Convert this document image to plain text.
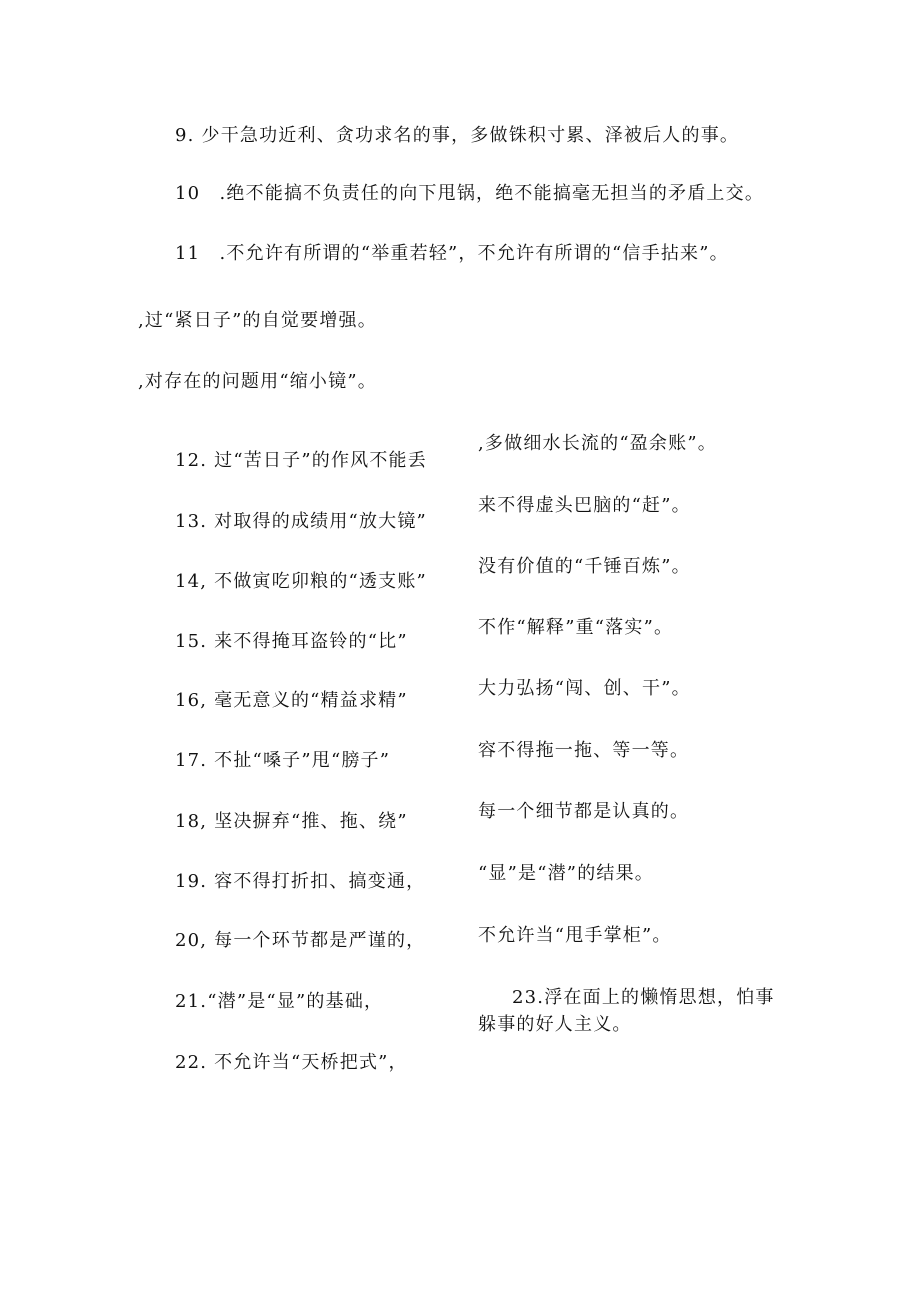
9. 少干急功近利、贪功求名的事，多做铢积寸累、泽被后人的事。
10　.绝不能搞不负责任的向下甩锅，绝不能搞毫无担当的矛盾上交。
11　.不允许有所谓的“举重若轻”，不允许有所谓的“信手拈来”。
,过“紧日子”的自觉要增强。
,对存在的问题用“缩小镜”。
12. 过“苦日子”的作风不能丢
13. 对取得的成绩用“放大镜”
14, 不做寅吃卯粮的“透支账”
15. 来不得掩耳盗铃的“比”
16, 毫无意义的“精益求精”
17. 不扯“嗓子”甩“膀子”
18, 坚决摒弃“推、拖、绕”
19. 容不得打折扣、搞变通，
20, 每一个环节都是严谨的，
21.“潜”是“显”的基础，
22. 不允许当“天桥把式”，
,多做细水长流的“盈余账”。
来不得虚头巴脑的“赶”。
没有价值的“千锤百炼”。
不作“解释”重“落实”。
大力弘扬“闯、创、干”。
容不得拖一拖、等一等。
每一个细节都是认真的。
“显”是“潜”的结果。
不允许当“甩手掌柜”。
23.浮在面上的懒惰思想，怕事躲事的好人主义。
